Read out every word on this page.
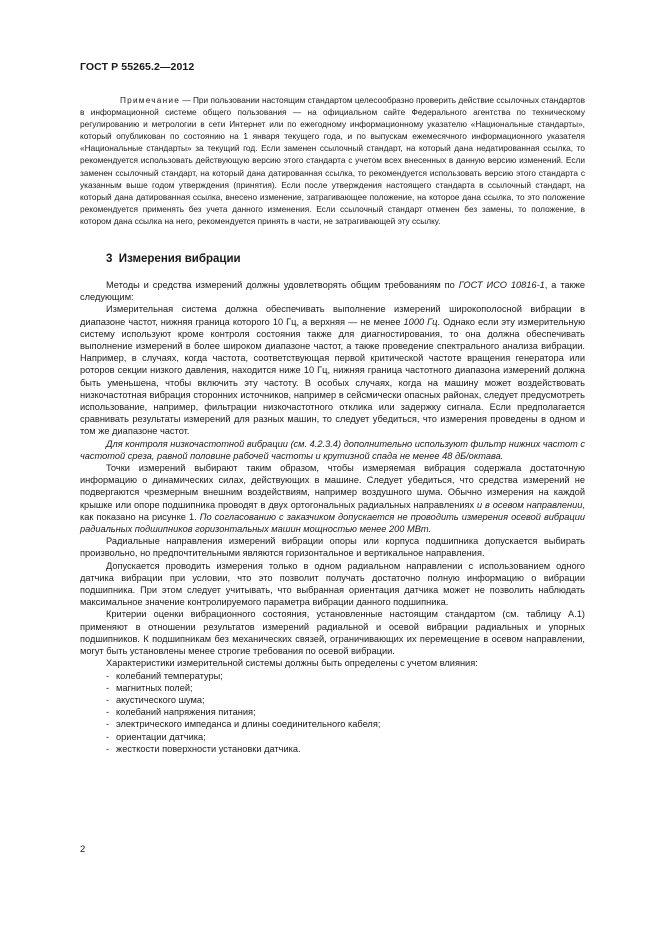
ГОСТ Р 55265.2—2012

Примечание — При пользовании настоящим стандартом целесообразно проверить действие ссылочных стандартов в информационной системе общего пользования — на официальном сайте Федерального агентства по техническому регулированию и метрологии в сети Интернет или по ежегодному информационному указателю «Национальные стандарты», который опубликован по состоянию на 1 января текущего года, и по выпускам ежемесячного информационного указателя «Национальные стандарты» за текущий год. Если заменен ссылочный стандарт, на который дана недатированная ссылка, то рекомендуется использовать действующую версию этого стандарта с учетом всех внесенных в данную версию изменений. Если заменен ссылочный стандарт, на который дана датированная ссылка, то рекомендуется использовать версию этого стандарта с указанным выше годом утверждения (принятия). Если после утверждения настоящего стандарта в ссылочный стандарт, на который дана датированная ссылка, внесено изменение, затрагивающее положение, на которое дана ссылка, то это положение рекомендуется применять без учета данного изменения. Если ссылочный стандарт отменен без замены, то положение, в котором дана ссылка на него, рекомендуется принять в части, не затрагивающей эту ссылку.

3 Измерения вибрации

Методы и средства измерений должны удовлетворять общим требованиям по ГОСТ ИСО 10816-1, а также следующим:

Измерительная система должна обеспечивать выполнение измерений широкополосной вибрации в диапазоне частот, нижняя граница которого 10 Гц, а верхняя — не менее 1000 Гц. Однако если эту измерительную систему используют кроме контроля состояния также для диагностирования, то она должна обеспечивать выполнение измерений в более широком диапазоне частот, а также проведение спектрального анализа вибрации. Например, в случаях, когда частота, соответствующая первой критической частоте вращения генератора или роторов секции низкого давления, находится ниже 10 Гц, нижняя граница частотного диапазона измерений должна быть уменьшена, чтобы включить эту частоту. В особых случаях, когда на машину может воздействовать низкочастотная вибрация сторонних источников, например в сейсмически опасных районах, следует предусмотреть использование, например, фильтрации низкочастотного отклика или задержку сигнала. Если предполагается сравнивать результаты измерений для разных машин, то следует убедиться, что измерения проведены в одном и том же диапазоне частот.

Для контроля низкочастотной вибрации (см. 4.2.3.4) дополнительно используют фильтр нижних частот с частотой среза, равной половине рабочей частоты и крутизной спада не менее 48 дБ/октава.

Точки измерений выбирают таким образом, чтобы измеряемая вибрация содержала достаточную информацию о динамических силах, действующих в машине. Следует убедиться, что средства измерений не подвергаются чрезмерным внешним воздействиям, например воздушного шума. Обычно измерения на каждой крышке или опоре подшипника проводят в двух ортогональных радиальных направлениях и в осевом направлении, как показано на рисунке 1. По согласованию с заказчиком допускается не проводить измерения осевой вибрации радиальных подшипников горизонтальных машин мощностью менее 200 МВт.

Радиальные направления измерений вибрации опоры или корпуса подшипника допускается выбирать произвольно, но предпочтительными являются горизонтальное и вертикальное направления.

Допускается проводить измерения только в одном радиальном направлении с использованием одного датчика вибрации при условии, что это позволит получать достаточно полную информацию о вибрации подшипника. При этом следует учитывать, что выбранная ориентация датчика может не позволить наблюдать максимальное значение контролируемого параметра вибрации данного подшипника.

Критерии оценки вибрационного состояния, установленные настоящим стандартом (см. таблицу А.1) применяют в отношении результатов измерений радиальной и осевой вибрации радиальных и упорных подшипников. К подшипникам без механических связей, ограничивающих их перемещение в осевом направлении, могут быть установлены менее строгие требования по осевой вибрации.

Характеристики измерительной системы должны быть определены с учетом влияния:

- колебаний температуры;
- магнитных полей;
- акустического шума;
- колебаний напряжения питания;
- электрического импеданса и длины соединительного кабеля;
- ориентации датчика;
- жесткости поверхности установки датчика.
2
